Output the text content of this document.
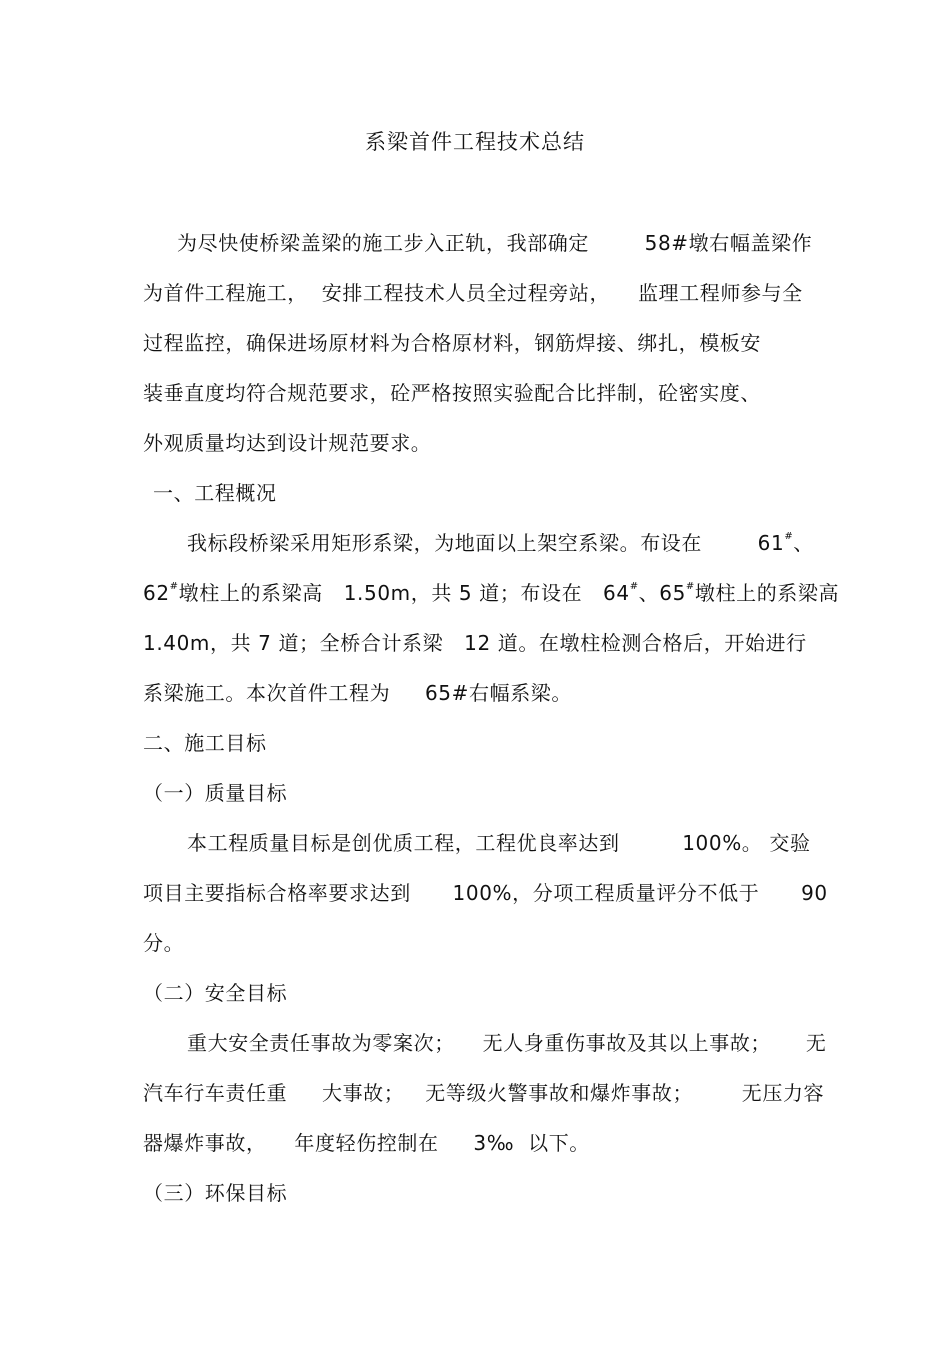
系梁首件工程技术总结
为尽快使桥梁盖梁的施工步入正轨，我部确定        58#墩右幅盖梁作
为首件工程施工，  安排工程技术人员全过程旁站，    监理工程师参与全
过程监控，确保进场原材料为合格原材料，钢筋焊接、绑扎，模板安
装垂直度均符合规范要求，砼严格按照实验配合比拌制，砼密实度、
外观质量均达到设计规范要求。
一、工程概况
我标段桥梁采用矩形系梁，为地面以上架空系梁。布设在        61#、
62#墩柱上的系梁高   1.50m，共 5 道；布设在   64#、65#墩柱上的系梁高
1.40m，共 7 道；全桥合计系梁   12 道。在墩柱检测合格后，开始进行
系梁施工。本次首件工程为     65#右幅系梁。
二、施工目标
（一）质量目标
本工程质量目标是创优质工程，工程优良率达到         100%。 交验
项目主要指标合格率要求达到      100%，分项工程质量评分不低于      90
分。
（二）安全目标
重大安全责任事故为零案次；    无人身重伤事故及其以上事故；     无
汽车行车责任重     大事故；   无等级火警事故和爆炸事故；       无压力容
器爆炸事故，    年度轻伤控制在     3‰  以下。
（三）环保目标
